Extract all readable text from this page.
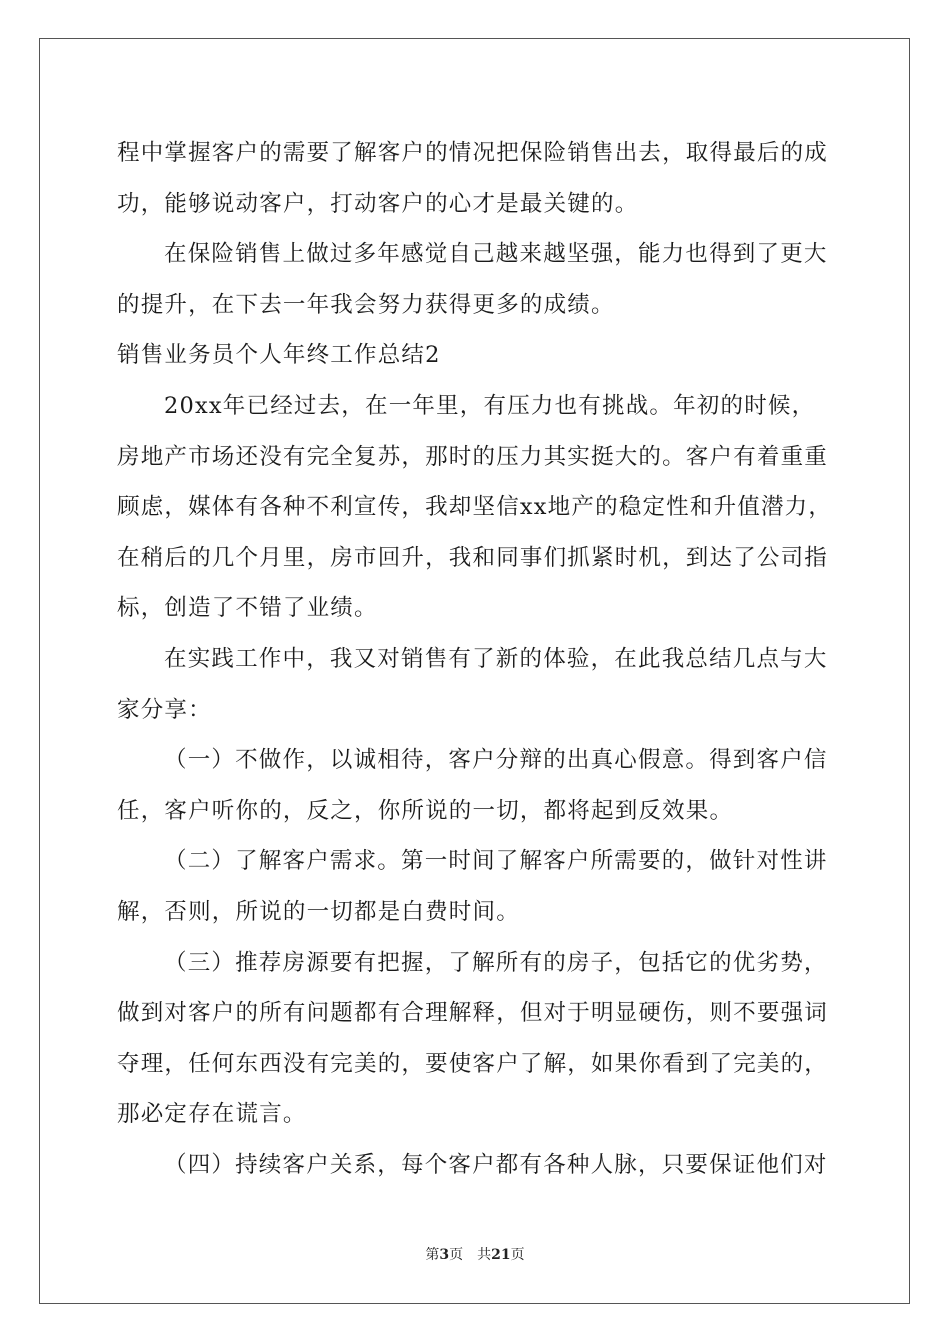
程中掌握客户的需要了解客户的情况把保险销售出去，取得最后的成
功，能够说动客户，打动客户的心才是最关键的。
在保险销售上做过多年感觉自己越来越坚强，能力也得到了更大
的提升，在下去一年我会努力获得更多的成绩。
销售业务员个人年终工作总结2
20xx年已经过去，在一年里，有压力也有挑战。年初的时候，
房地产市场还没有完全复苏，那时的压力其实挺大的。客户有着重重
顾虑，媒体有各种不利宣传，我却坚信xx地产的稳定性和升值潜力，
在稍后的几个月里，房市回升，我和同事们抓紧时机，到达了公司指
标，创造了不错了业绩。
在实践工作中，我又对销售有了新的体验，在此我总结几点与大
家分享：
（一）不做作，以诚相待，客户分辩的出真心假意。得到客户信
任，客户听你的，反之，你所说的一切，都将起到反效果。
（二）了解客户需求。第一时间了解客户所需要的，做针对性讲
解，否则，所说的一切都是白费时间。
（三）推荐房源要有把握，了解所有的房子，包括它的优劣势，
做到对客户的所有问题都有合理解释，但对于明显硬伤，则不要强词
夺理，任何东西没有完美的，要使客户了解，如果你看到了完美的，
那必定存在谎言。
（四）持续客户关系，每个客户都有各种人脉，只要保证他们对
第3页 共21页
